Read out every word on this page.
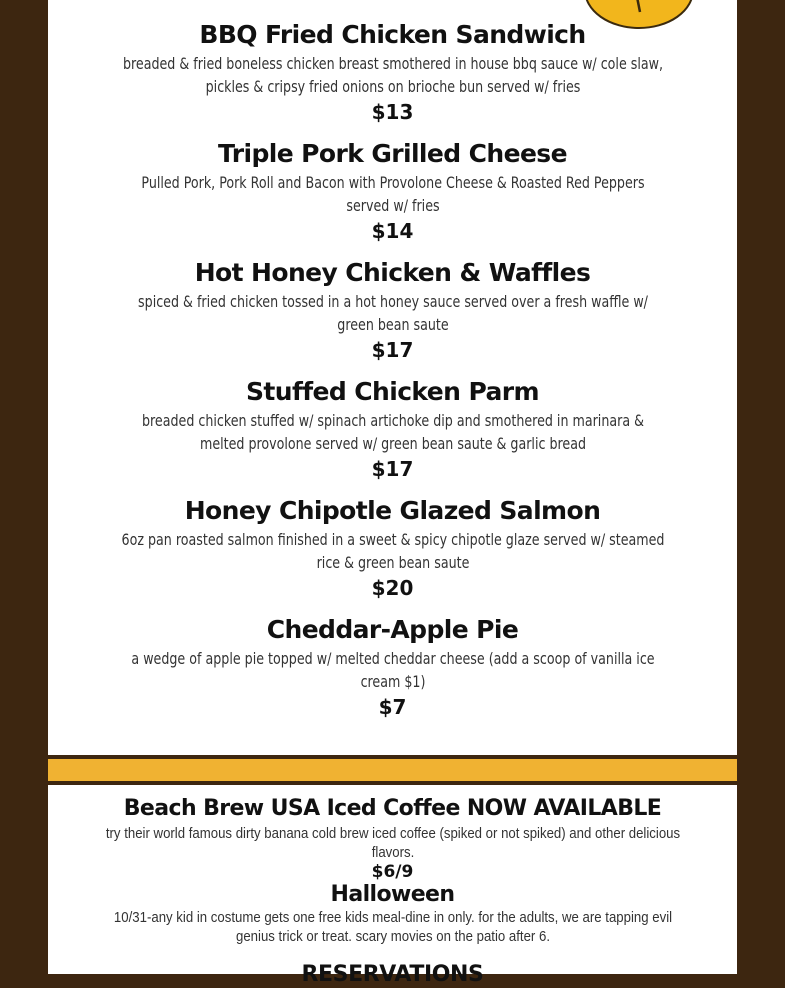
BBQ Fried Chicken Sandwich
breaded & fried boneless chicken breast smothered in house bbq sauce w/ cole slaw, pickles & cripsy fried onions on brioche bun served w/ fries
$13
Triple Pork Grilled Cheese
Pulled Pork, Pork Roll and Bacon with Provolone Cheese & Roasted Red Peppers served w/ fries
$14
Hot Honey Chicken & Waffles
spiced & fried chicken tossed in a hot honey sauce served over a fresh waffle w/ green bean saute
$17
Stuffed Chicken Parm
breaded chicken stuffed w/ spinach artichoke dip and smothered in marinara & melted provolone served w/ green bean saute & garlic bread
$17
Honey Chipotle Glazed Salmon
6oz pan roasted salmon finished in a sweet & spicy chipotle glaze served w/ steamed rice & green bean saute
$20
Cheddar-Apple Pie
a wedge of apple pie topped w/ melted cheddar cheese (add a scoop of vanilla ice cream $1)
$7
Beach Brew USA Iced Coffee NOW AVAILABLE
try their world famous dirty banana cold brew iced coffee (spiked or not spiked) and other delicious flavors.
$6/9
Halloween
10/31-any kid in costume gets one free kids meal-dine in only. for the adults, we are tapping evil genius trick or treat. scary movies on the patio after 6.
RESERVATIONS
